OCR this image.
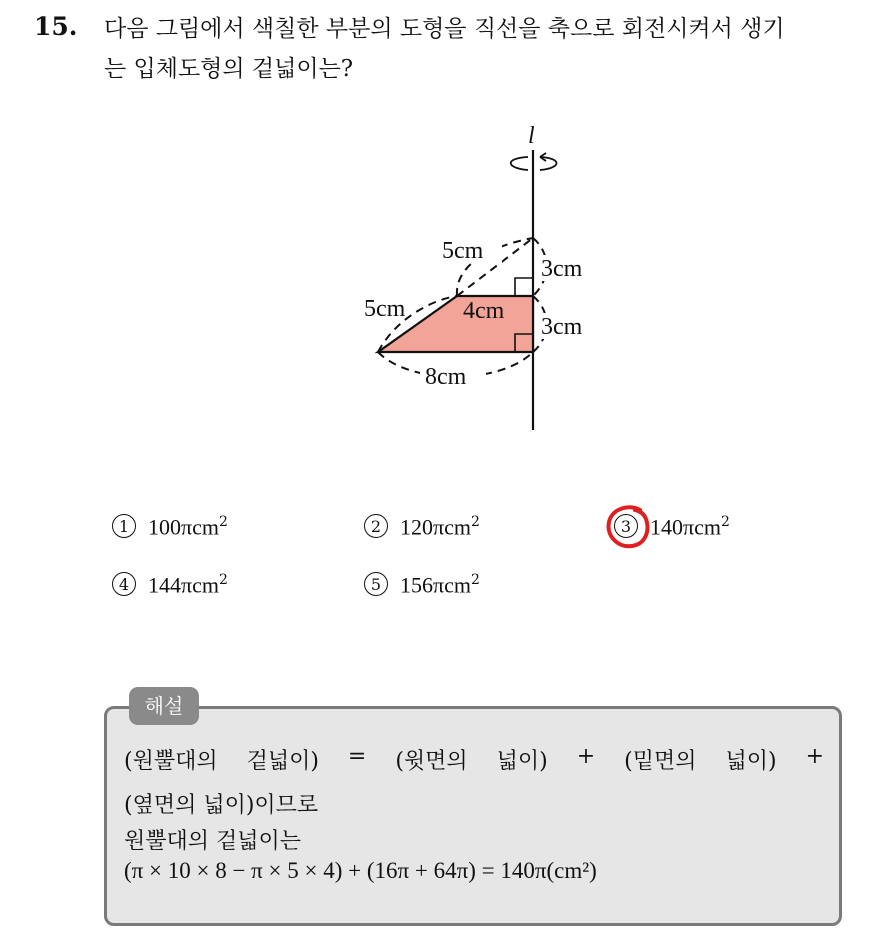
15. 다음 그림에서 색칠한 부분의 도형을 직선을 축으로 회전시켜서 생기
는 입체도형의 겉넓이는?
l
5cm
5cm 4cm
8cm
3cm
3cm
1 100πcm$^2$	2 120πcm$^2$	3 140πcm$^2$
4 144πcm$^2$	5 156πcm$^2$
해설
(원뿔대의 겉넓이) = (윗면의 넓이) + (밑면의 넓이) +
(옆면의 넓이)이므로
원뿔대의 겉넓이는
(π × 10 × 8 − π × 5 × 4) + (16π + 64π) = 140π(cm²)
